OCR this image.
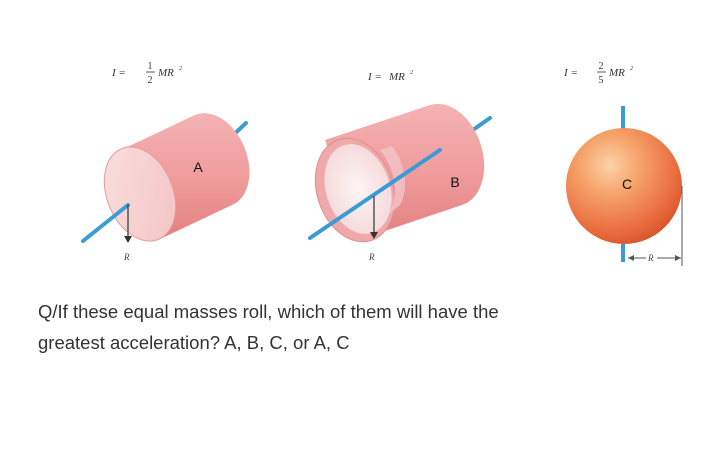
I =
1
2
MR 2
I = MR 2	I =
2
5
MR 2
R
A
R
B
R
C

Q/If these equal masses roll, which of them will have the
greatest acceleration? A, B, C, or A, C
